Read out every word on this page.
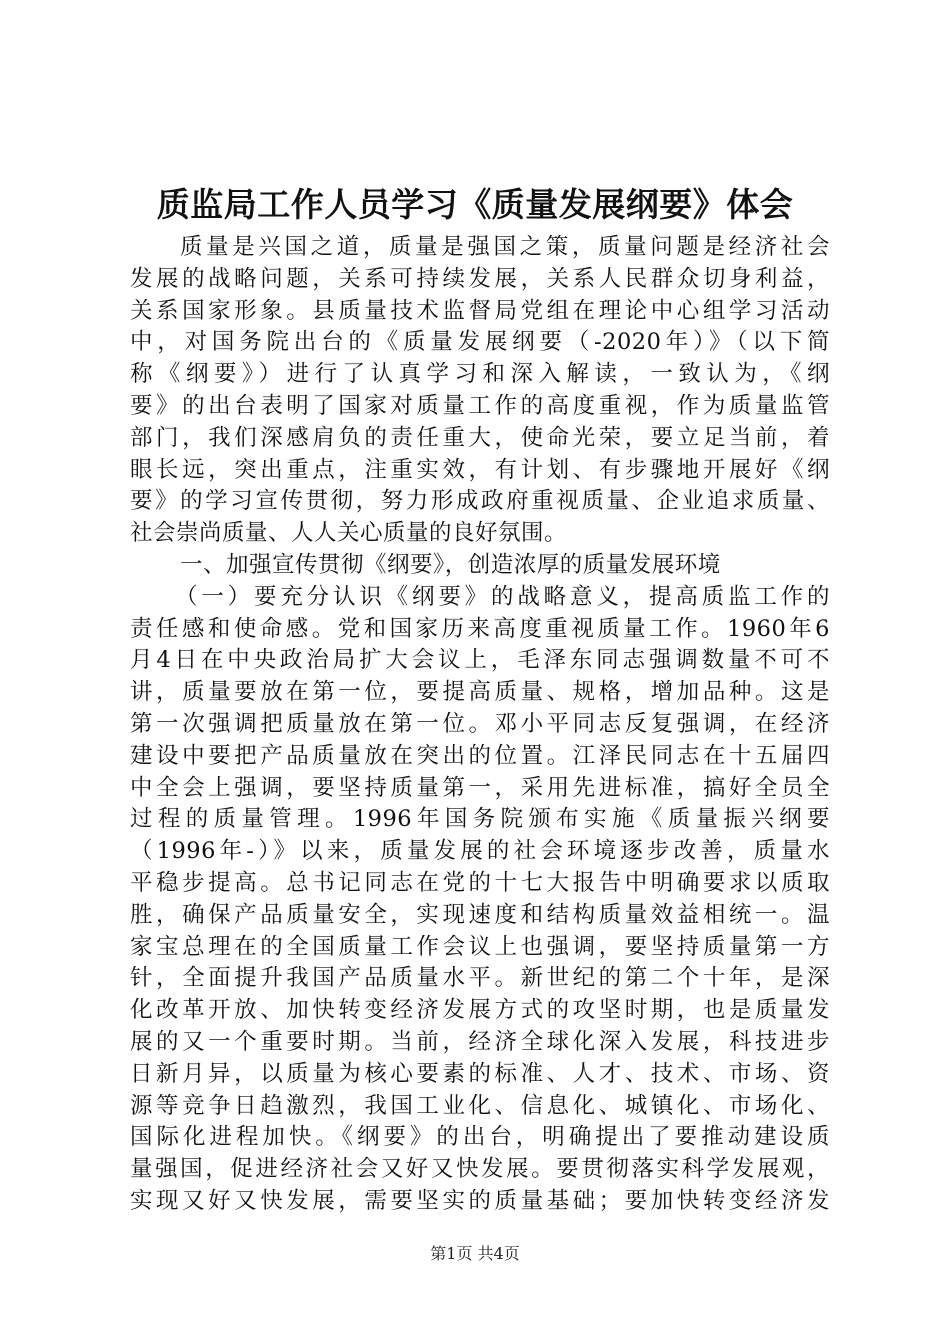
质监局工作人员学习《质量发展纲要》体会
质量是兴国之道，质量是强国之策，质量问题是经济社会
发展的战略问题，关系可持续发展，关系人民群众切身利益，
关系国家形象。县质量技术监督局党组在理论中心组学习活动
中，对国务院出台的《质量发展纲要（-2020年）》（以下简
称《纲要》）进行了认真学习和深入解读，一致认为，《纲
要》的出台表明了国家对质量工作的高度重视，作为质量监管
部门，我们深感肩负的责任重大，使命光荣，要立足当前，着
眼长远，突出重点，注重实效，有计划、有步骤地开展好《纲
要》的学习宣传贯彻，努力形成政府重视质量、企业追求质量、
社会崇尚质量、人人关心质量的良好氛围。
一、加强宣传贯彻《纲要》，创造浓厚的质量发展环境
（一）要充分认识《纲要》的战略意义，提高质监工作的
责任感和使命感。党和国家历来高度重视质量工作。1960年6
月4日在中央政治局扩大会议上，毛泽东同志强调数量不可不
讲，质量要放在第一位，要提高质量、规格，增加品种。这是
第一次强调把质量放在第一位。邓小平同志反复强调，在经济
建设中要把产品质量放在突出的位置。江泽民同志在十五届四
中全会上强调，要坚持质量第一，采用先进标准，搞好全员全
过程的质量管理。1996年国务院颁布实施《质量振兴纲要
（1996年-）》以来，质量发展的社会环境逐步改善，质量水
平稳步提高。总书记同志在党的十七大报告中明确要求以质取
胜，确保产品质量安全，实现速度和结构质量效益相统一。温
家宝总理在的全国质量工作会议上也强调，要坚持质量第一方
针，全面提升我国产品质量水平。新世纪的第二个十年，是深
化改革开放、加快转变经济发展方式的攻坚时期，也是质量发
展的又一个重要时期。当前，经济全球化深入发展，科技进步
日新月异，以质量为核心要素的标准、人才、技术、市场、资
源等竞争日趋激烈，我国工业化、信息化、城镇化、市场化、
国际化进程加快。《纲要》的出台，明确提出了要推动建设质
量强国，促进经济社会又好又快发展。要贯彻落实科学发展观，
实现又好又快发展，需要坚实的质量基础；要加快转变经济发
第1页 共4页
